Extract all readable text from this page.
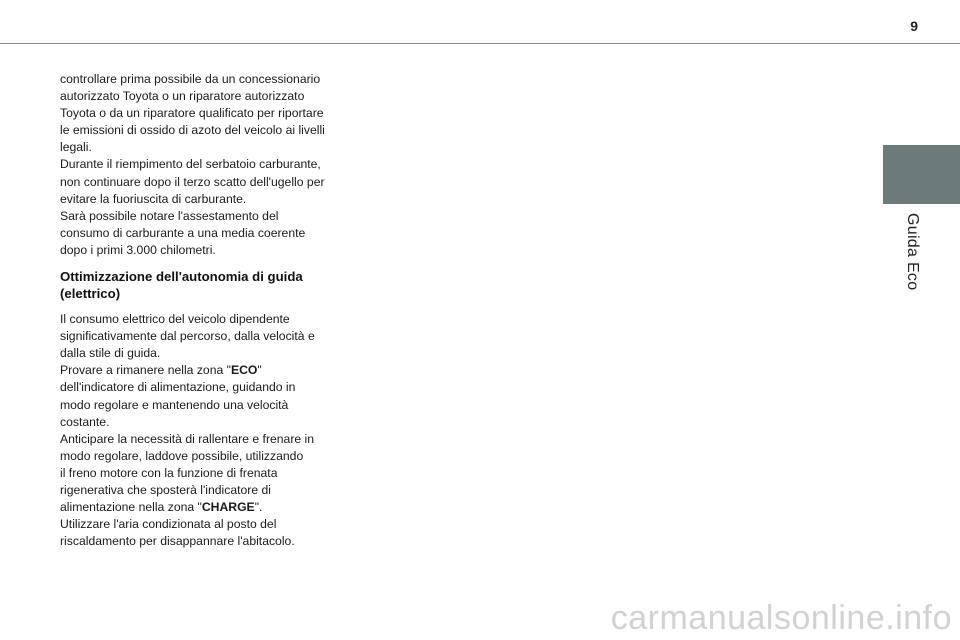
9
Guida Eco

controllare prima possibile da un concessionario
autorizzato Toyota o un riparatore autorizzato
Toyota o da un riparatore qualificato per riportare
le emissioni di ossido di azoto del veicolo ai livelli
legali.

Durante il riempimento del serbatoio carburante,
non continuare dopo il terzo scatto dell'ugello per
evitare la fuoriuscita di carburante.

Sarà possibile notare l'assestamento del
consumo di carburante a una media coerente
dopo i primi 3.000 chilometri.

Ottimizzazione dell'autonomia di guida
(elettrico)

Il consumo elettrico del veicolo dipendente
significativamente dal percorso, dalla velocità e
dalla stile di guida.

Provare a rimanere nella zona "ECO"
dell'indicatore di alimentazione, guidando in
modo regolare e mantenendo una velocità
costante.

Anticipare la necessità di rallentare e frenare in
modo regolare, laddove possibile, utilizzando
il freno motore con la funzione di frenata
rigenerativa che sposterà l'indicatore di
alimentazione nella zona "CHARGE".

Utilizzare l'aria condizionata al posto del
riscaldamento per disappannare l'abitacolo.

carmanualsonline.info
